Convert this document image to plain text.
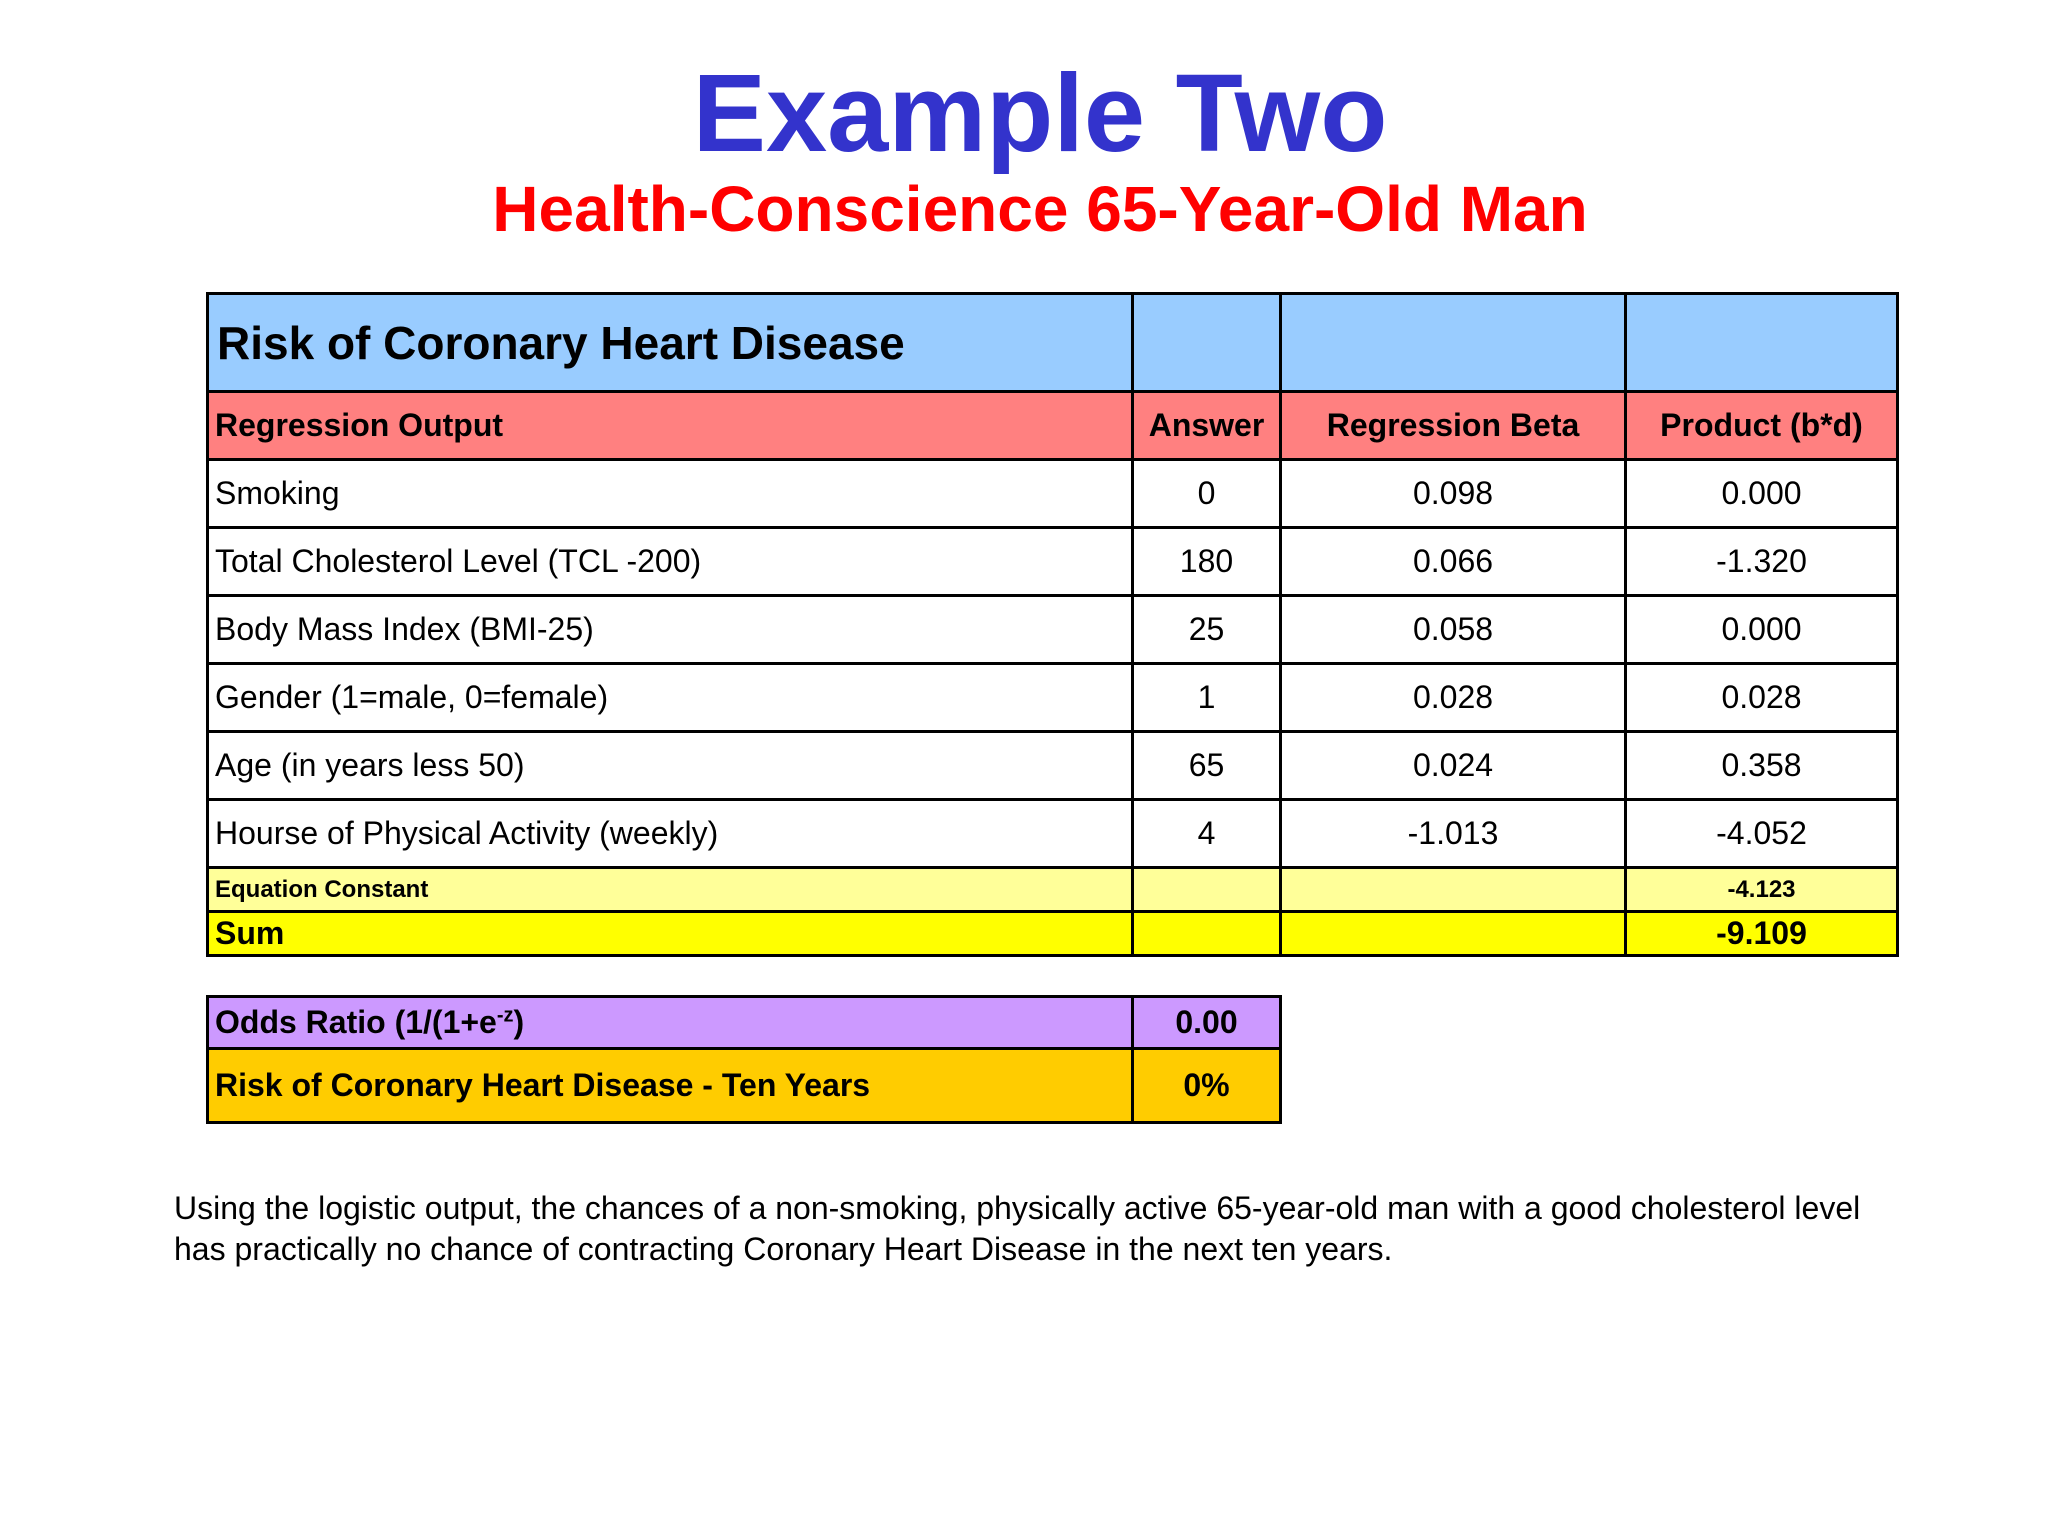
Example Two
Health-Conscience 65-Year-Old Man
Risk of Coronary Heart Disease			
Regression Output	Answer	Regression Beta	Product (b*d)
Smoking	0	0.098	0.000
Total Cholesterol Level (TCL -200)	180	0.066	-1.320
Body Mass Index (BMI-25)	25	0.058	0.000
Gender (1=male, 0=female)	1	0.028	0.028
Age (in years less 50)	65	0.024	0.358
Hourse of Physical Activity (weekly)	4	-1.013	-4.052
Equation Constant			-4.123
Sum			-9.109
Odds Ratio ($1/(1+e^{-z})$	0.00
Risk of Coronary Heart Disease - Ten Years	0%
Using the logistic output, the chances of a non-smoking, physically active 65-year-old man with a good cholesterol level has practically no chance of contracting Coronary Heart Disease in the next ten years.
